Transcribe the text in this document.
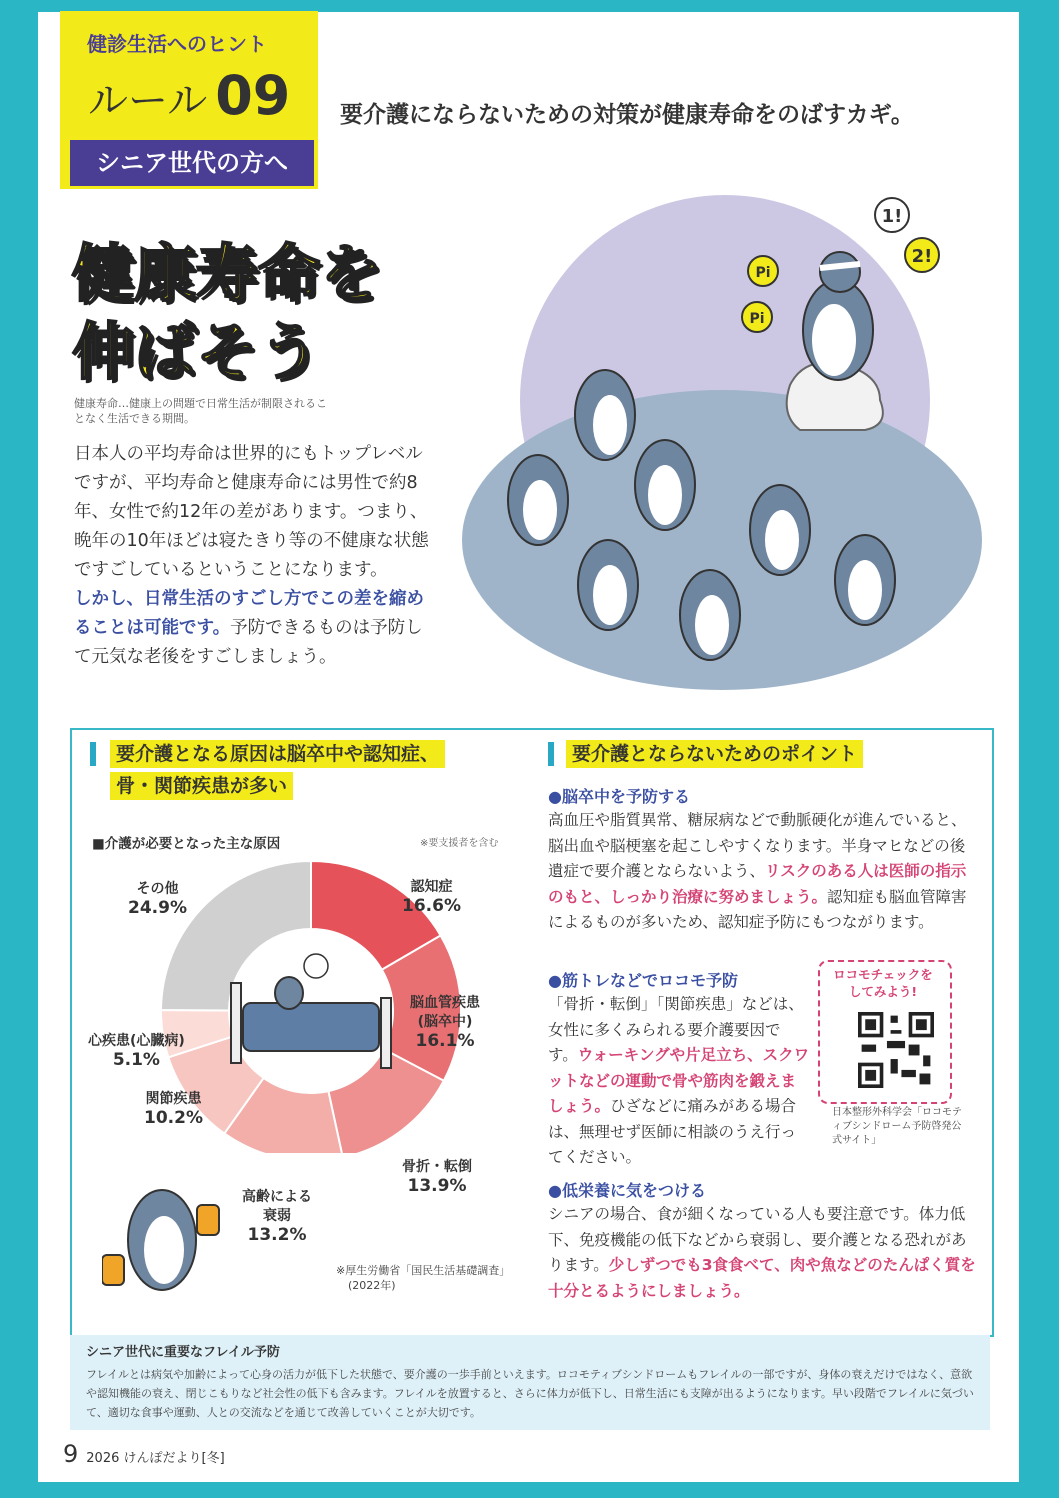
健診生活へのヒント
ルール 09
シニア世代の方へ
要介護にならないための対策が健康寿命をのばすカギ。
健康寿命を
伸ばそう
健康寿命…健康上の問題で日常生活が制限されることなく生活できる期間。
日本人の平均寿命は世界的にもトップレベルですが、平均寿命と健康寿命には男性で約8年、女性で約12年の差があります。つまり、晩年の10年ほどは寝たきり等の不健康な状態ですごしているということになります。
しかし、日常生活のすごし方でこの差を縮めることは可能です。予防できるものは予防して元気な老後をすごしましょう。
1!
2!
Pi
Pi
要介護となる原因は脳卒中や認知症、
骨・関節疾患が多い
■介護が必要となった主な原因	※要支援者を含む
認知症
16.6%
脳血管疾患
(脳卒中)
16.1%
骨折・転倒
13.9%
高齢による
衰弱
13.2%
関節疾患
10.2%
心疾患(心臓病)
5.1%
その他
24.9%
※厚生労働省「国民生活基礎調査」
(2022年)
要介護とならないためのポイント
●脳卒中を予防する
高血圧や脂質異常、糖尿病などで動脈硬化が進んでいると、脳出血や脳梗塞を起こしやすくなります。半身マヒなどの後遺症で要介護とならないよう、リスクのある人は医師の指示のもと、しっかり治療に努めましょう。認知症も脳血管障害によるものが多いため、認知症予防にもつながります。
●筋トレなどでロコモ予防
「骨折・転倒」「関節疾患」などは、女性に多くみられる要介護要因です。ウォーキングや片足立ち、スクワットなどの運動で骨や筋肉を鍛えましょう。ひざなどに痛みがある場合は、無理せず医師に相談のうえ行ってください。
ロコモチェックを
してみよう!
日本整形外科学会「ロコモティブシンドローム予防啓発公式サイト」
●低栄養に気をつける
シニアの場合、食が細くなっている人も要注意です。体力低下、免疫機能の低下などから衰弱し、要介護となる恐れがあります。少しずつでも3食食べて、肉や魚などのたんぱく質を十分とるようにしましょう。
シニア世代に重要なフレイル予防
フレイルとは病気や加齢によって心身の活力が低下した状態で、要介護の一歩手前といえます。ロコモティブシンドロームもフレイルの一部ですが、身体の衰えだけではなく、意欲や認知機能の衰え、閉じこもりなど社会性の低下も含みます。フレイルを放置すると、さらに体力が低下し、日常生活にも支障が出るようになります。早い段階でフレイルに気づいて、適切な食事や運動、人との交流などを通じて改善していくことが大切です。
9 2026 けんぽだより[冬]
